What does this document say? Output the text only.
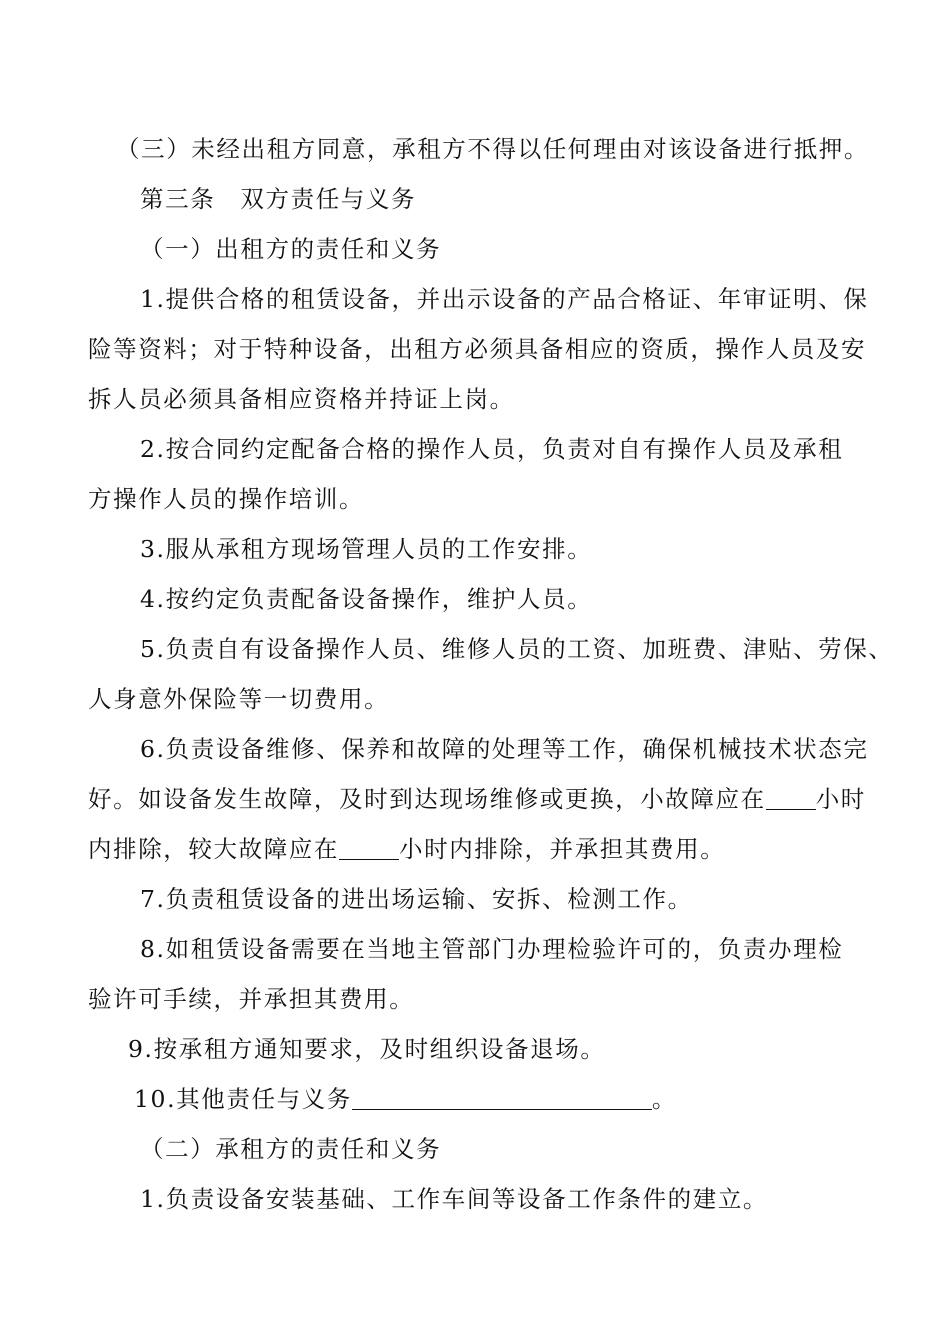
（三）未经出租方同意，承租方不得以任何理由对该设备进行抵押。
第三条　双方责任与义务
（一）出租方的责任和义务
1.提供合格的租赁设备，并出示设备的产品合格证、年审证明、保
险等资料；对于特种设备，出租方必须具备相应的资质，操作人员及安
拆人员必须具备相应资格并持证上岗。
2.按合同约定配备合格的操作人员，负责对自有操作人员及承租
方操作人员的操作培训。
3.服从承租方现场管理人员的工作安排。
4.按约定负责配备设备操作，维护人员。
5.负责自有设备操作人员、维修人员的工资、加班费、津贴、劳保、
人身意外保险等一切费用。
6.负责设备维修、保养和故障的处理等工作，确保机械技术状态完
好。如设备发生故障，及时到达现场维修或更换，小故障应在 小时
内排除，较大故障应在	小时内排除，并承担其费用。
7.负责租赁设备的进出场运输、安拆、检测工作。
8.如租赁设备需要在当地主管部门办理检验许可的，负责办理检
验许可手续，并承担其费用。
9.按承租方通知要求，及时组织设备退场。
10.其他责任与义务	。
（二）承租方的责任和义务
1.负责设备安装基础、工作车间等设备工作条件的建立。
